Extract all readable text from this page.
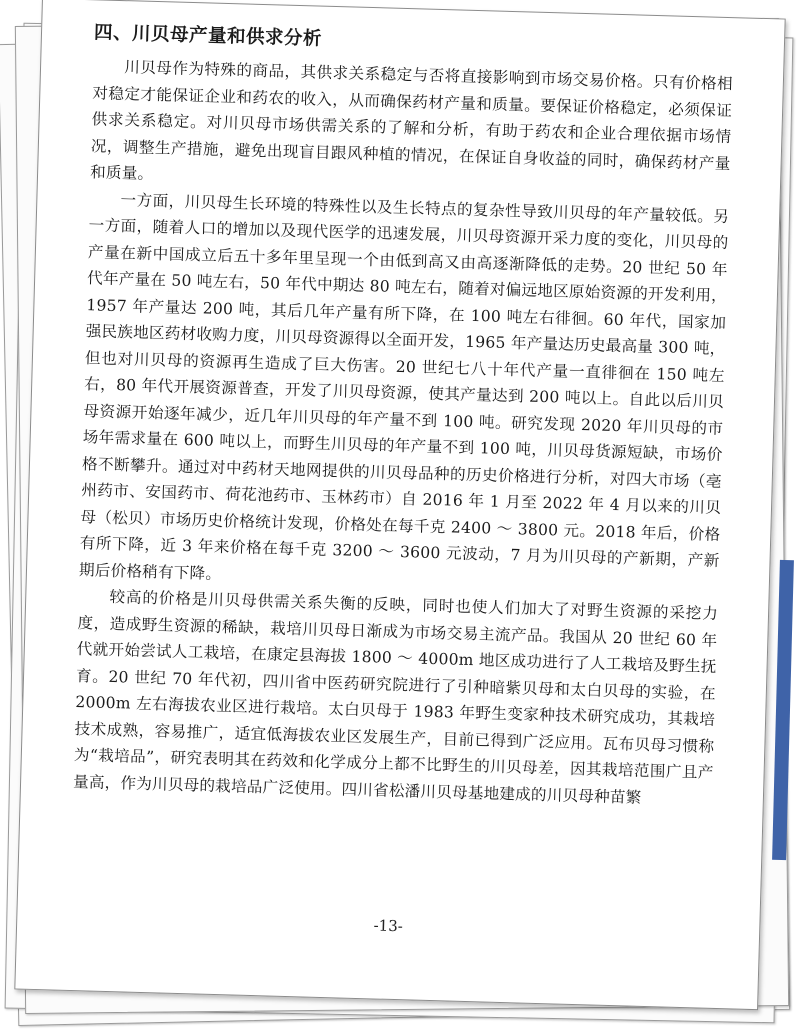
四、川贝母产量和供求分析

川贝母作为特殊的商品，其供求关系稳定与否将直接影响到市场交易价格。只有价格相对稳定才能保证企业和药农的收入，从而确保药材产量和质量。要保证价格稳定，必须保证供求关系稳定。对川贝母市场供需关系的了解和分析，有助于药农和企业合理依据市场情况，调整生产措施，避免出现盲目跟风种植的情况，在保证自身收益的同时，确保药材产量和质量。

一方面，川贝母生长环境的特殊性以及生长特点的复杂性导致川贝母的年产量较低。另一方面，随着人口的增加以及现代医学的迅速发展，川贝母资源开采力度的变化，川贝母的产量在新中国成立后五十多年里呈现一个由低到高又由高逐渐降低的走势。20 世纪 50 年代年产量在 50 吨左右，50 年代中期达 80 吨左右，随着对偏远地区原始资源的开发利用，1957 年产量达 200 吨，其后几年产量有所下降，在 100 吨左右徘徊。60 年代，国家加强民族地区药材收购力度，川贝母资源得以全面开发，1965 年产量达历史最高量 300 吨，但也对川贝母的资源再生造成了巨大伤害。20 世纪七八十年代产量一直徘徊在 150 吨左右，80 年代开展资源普查，开发了川贝母资源，使其产量达到 200 吨以上。自此以后川贝母资源开始逐年减少，近几年川贝母的年产量不到 100 吨。研究发现 2020 年川贝母的市场年需求量在 600 吨以上，而野生川贝母的年产量不到 100 吨，川贝母货源短缺，市场价格不断攀升。通过对中药材天地网提供的川贝母品种的历史价格进行分析，对四大市场（亳州药市、安国药市、荷花池药市、玉林药市）自 2016 年 1 月至 2022 年 4 月以来的川贝母（松贝）市场历史价格统计发现，价格处在每千克 2400 ～ 3800 元。2018 年后，价格有所下降，近 3 年来价格在每千克 3200 ～ 3600 元波动，7 月为川贝母的产新期，产新期后价格稍有下降。

较高的价格是川贝母供需关系失衡的反映，同时也使人们加大了对野生资源的采挖力度，造成野生资源的稀缺，栽培川贝母日渐成为市场交易主流产品。我国从 20 世纪 60 年代就开始尝试人工栽培，在康定县海拔 1800 ～ 4000m 地区成功进行了人工栽培及野生抚育。20 世纪 70 年代初，四川省中医药研究院进行了引种暗紫贝母和太白贝母的实验，在 2000m 左右海拔农业区进行栽培。太白贝母于 1983 年野生变家种技术研究成功，其栽培技术成熟，容易推广，适宜低海拔农业区发展生产，目前已得到广泛应用。瓦布贝母习惯称为“栽培品”，研究表明其在药效和化学成分上都不比野生的川贝母差，因其栽培范围广且产量高，作为川贝母的栽培品广泛使用。四川省松潘川贝母基地建成的川贝母种苗繁

-13-
